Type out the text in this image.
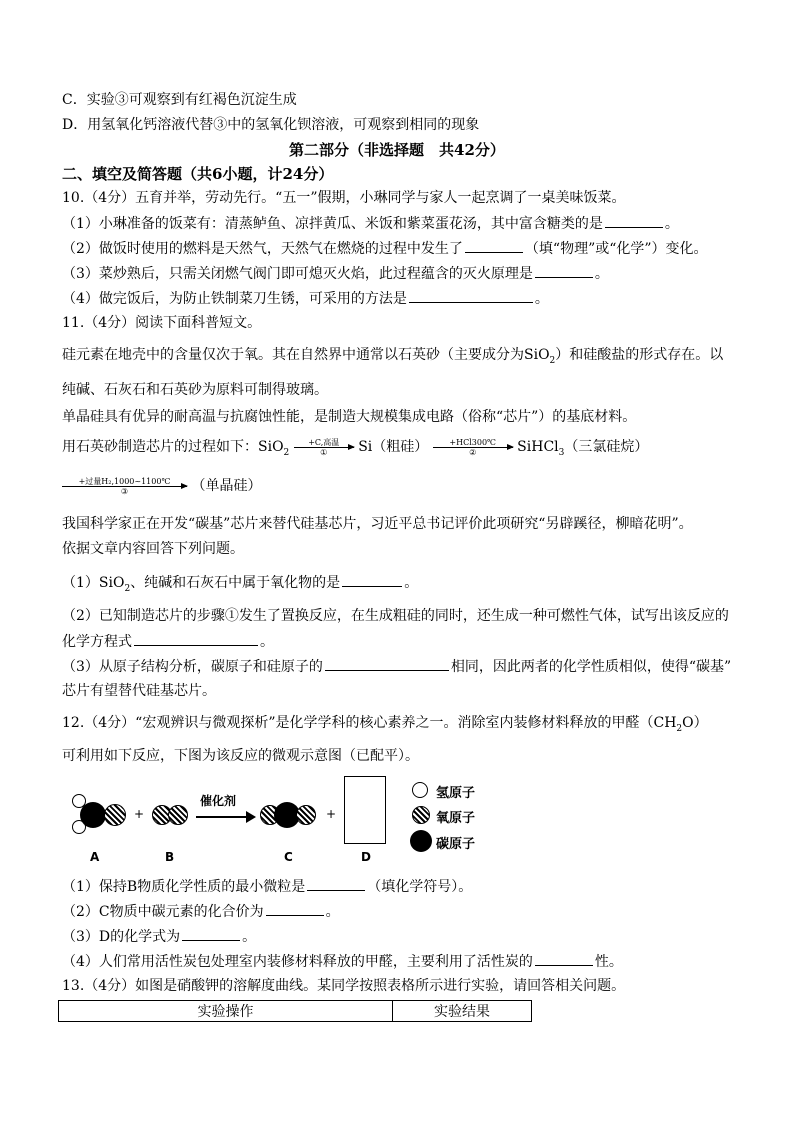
C．实验③可观察到有红褐色沉淀生成
D．用氢氧化钙溶液代替③中的氢氧化钡溶液，可观察到相同的现象
第二部分（非选择题　共42分）
二、填空及简答题（共6小题，计24分）
10.（4分）五育并举，劳动先行。“五一”假期，小琳同学与家人一起烹调了一桌美味饭菜。
（1）小琳准备的饭菜有：清蒸鲈鱼、凉拌黄瓜、米饭和紫菜蛋花汤，其中富含糖类的是	。
（2）做饭时使用的燃料是天然气，天然气在燃烧的过程中发生了	（填“物理”或“化学”）变化。
（3）菜炒熟后，只需关闭燃气阀门即可熄灭火焰，此过程蕴含的灭火原理是	。
（4）做完饭后，为防止铁制菜刀生锈，可采用的方法是	。
11.（4分）阅读下面科普短文。
硅元素在地壳中的含量仅次于氧。其在自然界中通常以石英砂（主要成分为SiO$_2$）和硅酸盐的形式存在。以
纯碱、石灰石和石英砂为原料可制得玻璃。
单晶硅具有优异的耐高温与抗腐蚀性能，是制造大规模集成电路（俗称“芯片”）的基底材料。
用石英砂制造芯片的过程如下：SiO$_2$
+C,高温
①	Si（粗硅）	+HCl300℃
②	SiHCl$_3$（三氯硅烷）
+过量H₂,1000~1100℃
③	（单晶硅）
我国科学家正在开发“碳基”芯片来替代硅基芯片，习近平总书记评价此项研究“另辟蹊径，柳暗花明”。
依据文章内容回答下列问题。
（1）SiO$_2$、纯碱和石灰石中属于氧化物的是	。
（2）已知制造芯片的步骤①发生了置换反应，在生成粗硅的同时，还生成一种可燃性气体，试写出该反应的
化学方程式	。
（3）从原子结构分析，碳原子和硅原子的	相同，因此两者的化学性质相似，使得“碳基”
芯片有望替代硅基芯片。
12.（4分）“宏观辨识与微观探析”是化学学科的核心素养之一。消除室内装修材料释放的甲醛$(CH_2O)$
可利用如下反应，下图为该反应的微观示意图（已配平）。
A
+
B
催化剂
C
+
D
氢原子
氧原子
碳原子
（1）保持B物质化学性质的最小微粒是	（填化学符号）。
（2）C物质中碳元素的化合价为	。
（3）D的化学式为	。
（4）人们常用活性炭包处理室内装修材料释放的甲醛，主要利用了活性炭的	性。
13.（4分）如图是硝酸钾的溶解度曲线。某同学按照表格所示进行实验，请回答相关问题。
实验操作	实验结果
